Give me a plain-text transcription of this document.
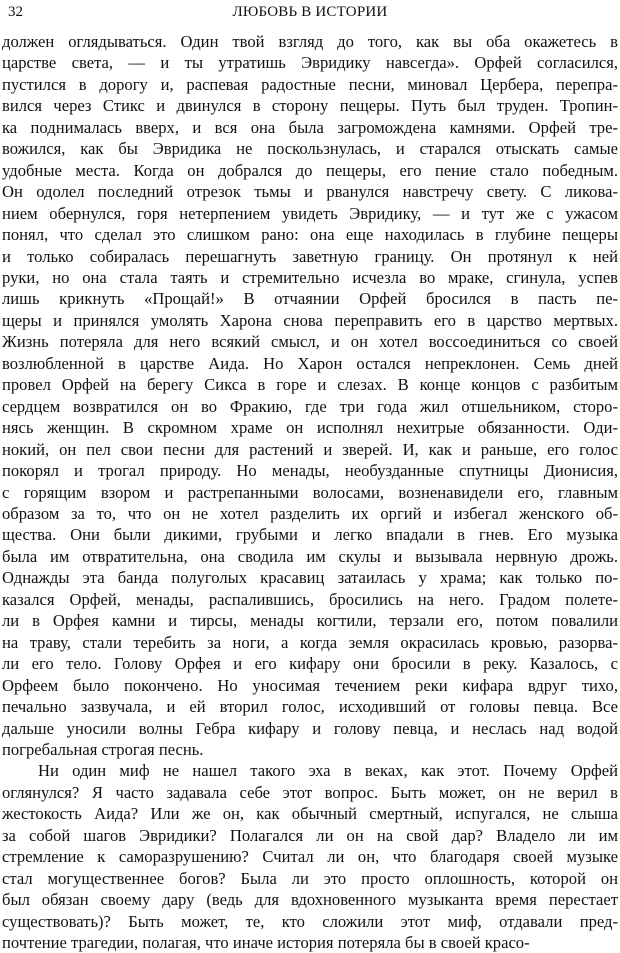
32	ЛЮБОВЬ В ИСТОРИИ

должен оглядываться. Один твой взгляд до того, как вы оба окажетесь в
царстве света, — и ты утратишь Эвридику навсегда». Орфей согласился,
пустился в дорогу и, распевая радостные песни, миновал Цербера, перепра-
вился через Стикс и двинулся в сторону пещеры. Путь был труден. Тропин-
ка поднималась вверх, и вся она была загромождена камнями. Орфей тре-
вожился, как бы Эвридика не поскользнулась, и старался отыскать самые
удобные места. Когда он добрался до пещеры, его пение стало победным.
Он одолел последний отрезок тьмы и рванулся навстречу свету. С ликова-
нием обернулся, горя нетерпением увидеть Эвридику, — и тут же с ужасом
понял, что сделал это слишком рано: она еще находилась в глубине пещеры
и только собиралась перешагнуть заветную границу. Он протянул к ней
руки, но она стала таять и стремительно исчезла во мраке, сгинула, успев
лишь крикнуть «Прощай!» В отчаянии Орфей бросился в пасть пе-
щеры и принялся умолять Харона снова переправить его в царство мертвых.
Жизнь потеряла для него всякий смысл, и он хотел воссоединиться со своей
возлюбленной в царстве Аида. Но Харон остался непреклонен. Семь дней
провел Орфей на берегу Сикса в горе и слезах. В конце концов с разбитым
сердцем возвратился он во Фракию, где три года жил отшельником, сторо-
нясь женщин. В скромном храме он исполнял нехитрые обязанности. Оди-
нокий, он пел свои песни для растений и зверей. И, как и раньше, его голос
покорял и трогал природу. Но менады, необузданные спутницы Дионисия,
с горящим взором и растрепанными волосами, возненавидели его, главным
образом за то, что он не хотел разделить их оргий и избегал женского об-
щества. Они были дикими, грубыми и легко впадали в гнев. Его музыка
была им отвратительна, она сводила им скулы и вызывала нервную дрожь.
Однажды эта банда полуголых красавиц затаилась у храма; как только по-
казался Орфей, менады, распалившись, бросились на него. Градом полете-
ли в Орфея камни и тирсы, менады когтили, терзали его, потом повалили
на траву, стали теребить за ноги, а когда земля окрасилась кровью, разорва-
ли его тело. Голову Орфея и его кифару они бросили в реку. Казалось, с
Орфеем было покончено. Но уносимая течением реки кифара вдруг тихо,
печально зазвучала, и ей вторил голос, исходивший от головы певца. Все
дальше уносили волны Гебра кифару и голову певца, и неслась над водой
погребальная строгая песнь.

Ни один миф не нашел такого эха в веках, как этот. Почему Орфей
оглянулся? Я часто задавала себе этот вопрос. Быть может, он не верил в
жестокость Аида? Или же он, как обычный смертный, испугался, не слыша
за собой шагов Эвридики? Полагался ли он на свой дар? Владело ли им
стремление к саморазрушению? Считал ли он, что благодаря своей музыке
стал могущественнее богов? Была ли это просто оплошность, которой он
был обязан своему дару (ведь для вдохновенного музыканта время перестает
существовать)? Быть может, те, кто сложили этот миф, отдавали пред-
почтение трагедии, полагая, что иначе история потеряла бы в своей красо-
